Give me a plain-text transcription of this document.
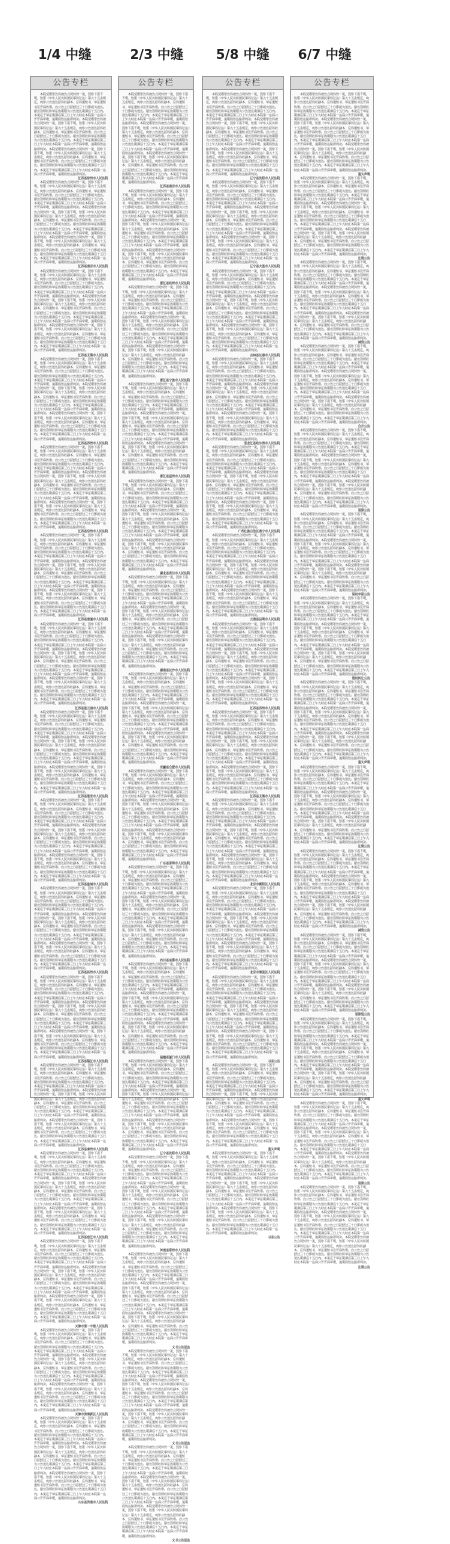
1/4 中缝	2/3 中缝	5/8 中缝 6/7 中缝
公告专栏

本院受理原告诉被告合同纠纷一案，因你下落不明，依照《中华人民共和国民事诉讼法》第九十五条规定，向你公告送达起诉状副本、应诉通知书、举证通知书及开庭传票。自公告之日起经过三十日即视为送达。提出答辩状和举证的期限为公告送达期满后十五日内。本案定于举证期满后第三日上午九时在本院第一法庭公开开庭审理，逾期将依法缺席判决。本院受理原告诉被告合同纠纷一案，因你下落不明，依照《中华人民共和国民事诉讼法》第九十五条规定，向你公告送达起诉状副本、应诉通知书、举证通知书及开庭传票。自公告之日起经过三十日即视为送达。提出答辩状和举证的期限为公告送达期满后十五日内。本案定于举证期满后第三日上午九时在本院第一法庭公开开庭审理，逾期将依法缺席判决。本院受理原告诉被告合同纠纷一案，因你下落不明，依照《中华人民共和国民事诉讼法》第九十五条规定，向你公告送达起诉状副本、应诉通知书、举证通知书及开庭传票。自公告之日起经过三十日即视为送达。提出答辩状和举证的期限为公告送达期满后十五日内。本案定于举证期满后第三日上午九时在本院第一法庭公开开庭审理，逾期将依法缺席判决。

江苏省徐州市人民法院

本院受理原告诉被告合同纠纷一案，因你下落不明，依照《中华人民共和国民事诉讼法》第九十五条规定，向你公告送达起诉状副本、应诉通知书、举证通知书及开庭传票。自公告之日起经过三十日即视为送达。提出答辩状和举证的期限为公告送达期满后十五日内。本案定于举证期满后第三日上午九时在本院第一法庭公开开庭审理，逾期将依法缺席判决。本院受理原告诉被告合同纠纷一案，因你下落不明，依照《中华人民共和国民事诉讼法》第九十五条规定，向你公告送达起诉状副本、应诉通知书、举证通知书及开庭传票。自公告之日起经过三十日即视为送达。提出答辩状和举证的期限为公告送达期满后十五日内。本案定于举证期满后第三日上午九时在本院第一法庭公开开庭审理，逾期将依法缺席判决。本院受理原告诉被告合同纠纷一案，因你下落不明，依照《中华人民共和国民事诉讼法》第九十五条规定，向你公告送达起诉状副本、应诉通知书、举证通知书及开庭传票。自公告之日起经过三十日即视为送达。提出答辩状和举证的期限为公告送达期满后十五日内。本案定于举证期满后第三日上午九时在本院第一法庭公开开庭审理，逾期将依法缺席判决。

江苏省南京市人民法院

本院受理原告诉被告合同纠纷一案，因你下落不明，依照《中华人民共和国民事诉讼法》第九十五条规定，向你公告送达起诉状副本、应诉通知书、举证通知书及开庭传票。自公告之日起经过三十日即视为送达。提出答辩状和举证的期限为公告送达期满后十五日内。本案定于举证期满后第三日上午九时在本院第一法庭公开开庭审理，逾期将依法缺席判决。本院受理原告诉被告合同纠纷一案，因你下落不明，依照《中华人民共和国民事诉讼法》第九十五条规定，向你公告送达起诉状副本、应诉通知书、举证通知书及开庭传票。自公告之日起经过三十日即视为送达。提出答辩状和举证的期限为公告送达期满后十五日内。本案定于举证期满后第三日上午九时在本院第一法庭公开开庭审理，逾期将依法缺席判决。本院受理原告诉被告合同纠纷一案，因你下落不明，依照《中华人民共和国民事诉讼法》第九十五条规定，向你公告送达起诉状副本、应诉通知书、举证通知书及开庭传票。自公告之日起经过三十日即视为送达。提出答辩状和举证的期限为公告送达期满后十五日内。本案定于举证期满后第三日上午九时在本院第一法庭公开开庭审理，逾期将依法缺席判决。

江苏省无锡市人民法院

本院受理原告诉被告合同纠纷一案，因你下落不明，依照《中华人民共和国民事诉讼法》第九十五条规定，向你公告送达起诉状副本、应诉通知书、举证通知书及开庭传票。自公告之日起经过三十日即视为送达。提出答辩状和举证的期限为公告送达期满后十五日内。本案定于举证期满后第三日上午九时在本院第一法庭公开开庭审理，逾期将依法缺席判决。本院受理原告诉被告合同纠纷一案，因你下落不明，依照《中华人民共和国民事诉讼法》第九十五条规定，向你公告送达起诉状副本、应诉通知书、举证通知书及开庭传票。自公告之日起经过三十日即视为送达。提出答辩状和举证的期限为公告送达期满后十五日内。本案定于举证期满后第三日上午九时在本院第一法庭公开开庭审理，逾期将依法缺席判决。本院受理原告诉被告合同纠纷一案，因你下落不明，依照《中华人民共和国民事诉讼法》第九十五条规定，向你公告送达起诉状副本、应诉通知书、举证通知书及开庭传票。自公告之日起经过三十日即视为送达。提出答辩状和举证的期限为公告送达期满后十五日内。本案定于举证期满后第三日上午九时在本院第一法庭公开开庭审理，逾期将依法缺席判决。

江苏省苏州市人民法院

本院受理原告诉被告合同纠纷一案，因你下落不明，依照《中华人民共和国民事诉讼法》第九十五条规定，向你公告送达起诉状副本、应诉通知书、举证通知书及开庭传票。自公告之日起经过三十日即视为送达。提出答辩状和举证的期限为公告送达期满后十五日内。本案定于举证期满后第三日上午九时在本院第一法庭公开开庭审理，逾期将依法缺席判决。本院受理原告诉被告合同纠纷一案，因你下落不明，依照《中华人民共和国民事诉讼法》第九十五条规定，向你公告送达起诉状副本、应诉通知书、举证通知书及开庭传票。自公告之日起经过三十日即视为送达。提出答辩状和举证的期限为公告送达期满后十五日内。本案定于举证期满后第三日上午九时在本院第一法庭公开开庭审理，逾期将依法缺席判决。本院受理原告诉被告合同纠纷一案，因你下落不明，依照《中华人民共和国民事诉讼法》第九十五条规定，向你公告送达起诉状副本、应诉通知书、举证通知书及开庭传票。自公告之日起经过三十日即视为送达。提出答辩状和举证的期限为公告送达期满后十五日内。本案定于举证期满后第三日上午九时在本院第一法庭公开开庭审理，逾期将依法缺席判决。

江苏省常州市人民法院

本院受理原告诉被告合同纠纷一案，因你下落不明，依照《中华人民共和国民事诉讼法》第九十五条规定，向你公告送达起诉状副本、应诉通知书、举证通知书及开庭传票。自公告之日起经过三十日即视为送达。提出答辩状和举证的期限为公告送达期满后十五日内。本案定于举证期满后第三日上午九时在本院第一法庭公开开庭审理，逾期将依法缺席判决。本院受理原告诉被告合同纠纷一案，因你下落不明，依照《中华人民共和国民事诉讼法》第九十五条规定，向你公告送达起诉状副本、应诉通知书、举证通知书及开庭传票。自公告之日起经过三十日即视为送达。提出答辩状和举证的期限为公告送达期满后十五日内。本案定于举证期满后第三日上午九时在本院第一法庭公开开庭审理，逾期将依法缺席判决。本院受理原告诉被告合同纠纷一案，因你下落不明，依照《中华人民共和国民事诉讼法》第九十五条规定，向你公告送达起诉状副本、应诉通知书、举证通知书及开庭传票。自公告之日起经过三十日即视为送达。提出答辩状和举证的期限为公告送达期满后十五日内。本案定于举证期满后第三日上午九时在本院第一法庭公开开庭审理，逾期将依法缺席判决。

江苏省南通市人民法院

本院受理原告诉被告合同纠纷一案，因你下落不明，依照《中华人民共和国民事诉讼法》第九十五条规定，向你公告送达起诉状副本、应诉通知书、举证通知书及开庭传票。自公告之日起经过三十日即视为送达。提出答辩状和举证的期限为公告送达期满后十五日内。本案定于举证期满后第三日上午九时在本院第一法庭公开开庭审理，逾期将依法缺席判决。本院受理原告诉被告合同纠纷一案，因你下落不明，依照《中华人民共和国民事诉讼法》第九十五条规定，向你公告送达起诉状副本、应诉通知书、举证通知书及开庭传票。自公告之日起经过三十日即视为送达。提出答辩状和举证的期限为公告送达期满后十五日内。本案定于举证期满后第三日上午九时在本院第一法庭公开开庭审理，逾期将依法缺席判决。本院受理原告诉被告合同纠纷一案，因你下落不明，依照《中华人民共和国民事诉讼法》第九十五条规定，向你公告送达起诉状副本、应诉通知书、举证通知书及开庭传票。自公告之日起经过三十日即视为送达。提出答辩状和举证的期限为公告送达期满后十五日内。本案定于举证期满后第三日上午九时在本院第一法庭公开开庭审理，逾期将依法缺席判决。

江苏省连云港市人民法院

本院受理原告诉被告合同纠纷一案，因你下落不明，依照《中华人民共和国民事诉讼法》第九十五条规定，向你公告送达起诉状副本、应诉通知书、举证通知书及开庭传票。自公告之日起经过三十日即视为送达。提出答辩状和举证的期限为公告送达期满后十五日内。本案定于举证期满后第三日上午九时在本院第一法庭公开开庭审理，逾期将依法缺席判决。本院受理原告诉被告合同纠纷一案，因你下落不明，依照《中华人民共和国民事诉讼法》第九十五条规定，向你公告送达起诉状副本、应诉通知书、举证通知书及开庭传票。自公告之日起经过三十日即视为送达。提出答辩状和举证的期限为公告送达期满后十五日内。本案定于举证期满后第三日上午九时在本院第一法庭公开开庭审理，逾期将依法缺席判决。本院受理原告诉被告合同纠纷一案，因你下落不明，依照《中华人民共和国民事诉讼法》第九十五条规定，向你公告送达起诉状副本、应诉通知书、举证通知书及开庭传票。自公告之日起经过三十日即视为送达。提出答辩状和举证的期限为公告送达期满后十五日内。本案定于举证期满后第三日上午九时在本院第一法庭公开开庭审理，逾期将依法缺席判决。

江苏省淮安市人民法院

本院受理原告诉被告合同纠纷一案，因你下落不明，依照《中华人民共和国民事诉讼法》第九十五条规定，向你公告送达起诉状副本、应诉通知书、举证通知书及开庭传票。自公告之日起经过三十日即视为送达。提出答辩状和举证的期限为公告送达期满后十五日内。本案定于举证期满后第三日上午九时在本院第一法庭公开开庭审理，逾期将依法缺席判决。本院受理原告诉被告合同纠纷一案，因你下落不明，依照《中华人民共和国民事诉讼法》第九十五条规定，向你公告送达起诉状副本、应诉通知书、举证通知书及开庭传票。自公告之日起经过三十日即视为送达。提出答辩状和举证的期限为公告送达期满后十五日内。本案定于举证期满后第三日上午九时在本院第一法庭公开开庭审理，逾期将依法缺席判决。本院受理原告诉被告合同纠纷一案，因你下落不明，依照《中华人民共和国民事诉讼法》第九十五条规定，向你公告送达起诉状副本、应诉通知书、举证通知书及开庭传票。自公告之日起经过三十日即视为送达。提出答辩状和举证的期限为公告送达期满后十五日内。本案定于举证期满后第三日上午九时在本院第一法庭公开开庭审理，逾期将依法缺席判决。

江苏省盐城市人民法院

本院受理原告诉被告合同纠纷一案，因你下落不明，依照《中华人民共和国民事诉讼法》第九十五条规定，向你公告送达起诉状副本、应诉通知书、举证通知书及开庭传票。自公告之日起经过三十日即视为送达。提出答辩状和举证的期限为公告送达期满后十五日内。本案定于举证期满后第三日上午九时在本院第一法庭公开开庭审理，逾期将依法缺席判决。本院受理原告诉被告合同纠纷一案，因你下落不明，依照《中华人民共和国民事诉讼法》第九十五条规定，向你公告送达起诉状副本、应诉通知书、举证通知书及开庭传票。自公告之日起经过三十日即视为送达。提出答辩状和举证的期限为公告送达期满后十五日内。本案定于举证期满后第三日上午九时在本院第一法庭公开开庭审理，逾期将依法缺席判决。本院受理原告诉被告合同纠纷一案，因你下落不明，依照《中华人民共和国民事诉讼法》第九十五条规定，向你公告送达起诉状副本、应诉通知书、举证通知书及开庭传票。自公告之日起经过三十日即视为送达。提出答辩状和举证的期限为公告送达期满后十五日内。本案定于举证期满后第三日上午九时在本院第一法庭公开开庭审理，逾期将依法缺席判决。

江苏省扬州市人民法院

本院受理原告诉被告合同纠纷一案，因你下落不明，依照《中华人民共和国民事诉讼法》第九十五条规定，向你公告送达起诉状副本、应诉通知书、举证通知书及开庭传票。自公告之日起经过三十日即视为送达。提出答辩状和举证的期限为公告送达期满后十五日内。本案定于举证期满后第三日上午九时在本院第一法庭公开开庭审理，逾期将依法缺席判决。本院受理原告诉被告合同纠纷一案，因你下落不明，依照《中华人民共和国民事诉讼法》第九十五条规定，向你公告送达起诉状副本、应诉通知书、举证通知书及开庭传票。自公告之日起经过三十日即视为送达。提出答辩状和举证的期限为公告送达期满后十五日内。本案定于举证期满后第三日上午九时在本院第一法庭公开开庭审理，逾期将依法缺席判决。本院受理原告诉被告合同纠纷一案，因你下落不明，依照《中华人民共和国民事诉讼法》第九十五条规定，向你公告送达起诉状副本、应诉通知书、举证通知书及开庭传票。自公告之日起经过三十日即视为送达。提出答辩状和举证的期限为公告送达期满后十五日内。本案定于举证期满后第三日上午九时在本院第一法庭公开开庭审理，逾期将依法缺席判决。

江苏省镇江市人民法院

本院受理原告诉被告合同纠纷一案，因你下落不明，依照《中华人民共和国民事诉讼法》第九十五条规定，向你公告送达起诉状副本、应诉通知书、举证通知书及开庭传票。自公告之日起经过三十日即视为送达。提出答辩状和举证的期限为公告送达期满后十五日内。本案定于举证期满后第三日上午九时在本院第一法庭公开开庭审理，逾期将依法缺席判决。本院受理原告诉被告合同纠纷一案，因你下落不明，依照《中华人民共和国民事诉讼法》第九十五条规定，向你公告送达起诉状副本、应诉通知书、举证通知书及开庭传票。自公告之日起经过三十日即视为送达。提出答辩状和举证的期限为公告送达期满后十五日内。本案定于举证期满后第三日上午九时在本院第一法庭公开开庭审理，逾期将依法缺席判决。本院受理原告诉被告合同纠纷一案，因你下落不明，依照《中华人民共和国民事诉讼法》第九十五条规定，向你公告送达起诉状副本、应诉通知书、举证通知书及开庭传票。自公告之日起经过三十日即视为送达。提出答辩状和举证的期限为公告送达期满后十五日内。本案定于举证期满后第三日上午九时在本院第一法庭公开开庭审理，逾期将依法缺席判决。

江苏省泰州市人民法院

本院受理原告诉被告合同纠纷一案，因你下落不明，依照《中华人民共和国民事诉讼法》第九十五条规定，向你公告送达起诉状副本、应诉通知书、举证通知书及开庭传票。自公告之日起经过三十日即视为送达。提出答辩状和举证的期限为公告送达期满后十五日内。本案定于举证期满后第三日上午九时在本院第一法庭公开开庭审理，逾期将依法缺席判决。本院受理原告诉被告合同纠纷一案，因你下落不明，依照《中华人民共和国民事诉讼法》第九十五条规定，向你公告送达起诉状副本、应诉通知书、举证通知书及开庭传票。自公告之日起经过三十日即视为送达。提出答辩状和举证的期限为公告送达期满后十五日内。本案定于举证期满后第三日上午九时在本院第一法庭公开开庭审理，逾期将依法缺席判决。本院受理原告诉被告合同纠纷一案，因你下落不明，依照《中华人民共和国民事诉讼法》第九十五条规定，向你公告送达起诉状副本、应诉通知书、举证通知书及开庭传票。自公告之日起经过三十日即视为送达。提出答辩状和举证的期限为公告送达期满后十五日内。本案定于举证期满后第三日上午九时在本院第一法庭公开开庭审理，逾期将依法缺席判决。

江苏省宿迁市人民法院

本院受理原告诉被告合同纠纷一案，因你下落不明，依照《中华人民共和国民事诉讼法》第九十五条规定，向你公告送达起诉状副本、应诉通知书、举证通知书及开庭传票。自公告之日起经过三十日即视为送达。提出答辩状和举证的期限为公告送达期满后十五日内。本案定于举证期满后第三日上午九时在本院第一法庭公开开庭审理，逾期将依法缺席判决。本院受理原告诉被告合同纠纷一案，因你下落不明，依照《中华人民共和国民事诉讼法》第九十五条规定，向你公告送达起诉状副本、应诉通知书、举证通知书及开庭传票。自公告之日起经过三十日即视为送达。提出答辩状和举证的期限为公告送达期满后十五日内。本案定于举证期满后第三日上午九时在本院第一法庭公开开庭审理，逾期将依法缺席判决。本院受理原告诉被告合同纠纷一案，因你下落不明，依照《中华人民共和国民事诉讼法》第九十五条规定，向你公告送达起诉状副本、应诉通知书、举证通知书及开庭传票。自公告之日起经过三十日即视为送达。提出答辩状和举证的期限为公告送达期满后十五日内。本案定于举证期满后第三日上午九时在本院第一法庭公开开庭审理，逾期将依法缺席判决。

天津市第一中级人民法院

本院受理原告诉被告合同纠纷一案，因你下落不明，依照《中华人民共和国民事诉讼法》第九十五条规定，向你公告送达起诉状副本、应诉通知书、举证通知书及开庭传票。自公告之日起经过三十日即视为送达。提出答辩状和举证的期限为公告送达期满后十五日内。本案定于举证期满后第三日上午九时在本院第一法庭公开开庭审理，逾期将依法缺席判决。本院受理原告诉被告合同纠纷一案，因你下落不明，依照《中华人民共和国民事诉讼法》第九十五条规定，向你公告送达起诉状副本、应诉通知书、举证通知书及开庭传票。自公告之日起经过三十日即视为送达。提出答辩状和举证的期限为公告送达期满后十五日内。本案定于举证期满后第三日上午九时在本院第一法庭公开开庭审理，逾期将依法缺席判决。本院受理原告诉被告合同纠纷一案，因你下落不明，依照《中华人民共和国民事诉讼法》第九十五条规定，向你公告送达起诉状副本、应诉通知书、举证通知书及开庭传票。自公告之日起经过三十日即视为送达。提出答辩状和举证的期限为公告送达期满后十五日内。本案定于举证期满后第三日上午九时在本院第一法庭公开开庭审理，逾期将依法缺席判决。

天津市滨海新区人民法院

本院受理原告诉被告合同纠纷一案，因你下落不明，依照《中华人民共和国民事诉讼法》第九十五条规定，向你公告送达起诉状副本、应诉通知书、举证通知书及开庭传票。自公告之日起经过三十日即视为送达。提出答辩状和举证的期限为公告送达期满后十五日内。本案定于举证期满后第三日上午九时在本院第一法庭公开开庭审理，逾期将依法缺席判决。本院受理原告诉被告合同纠纷一案，因你下落不明，依照《中华人民共和国民事诉讼法》第九十五条规定，向你公告送达起诉状副本、应诉通知书、举证通知书及开庭传票。自公告之日起经过三十日即视为送达。提出答辩状和举证的期限为公告送达期满后十五日内。本案定于举证期满后第三日上午九时在本院第一法庭公开开庭审理，逾期将依法缺席判决。本院受理原告诉被告合同纠纷一案，因你下落不明，依照《中华人民共和国民事诉讼法》第九十五条规定，向你公告送达起诉状副本、应诉通知书、举证通知书及开庭传票。自公告之日起经过三十日即视为送达。提出答辩状和举证的期限为公告送达期满后十五日内。本案定于举证期满后第三日上午九时在本院第一法庭公开开庭审理，逾期将依法缺席判决。

山东省济南市人民法院

公告专栏

本院受理原告诉被告合同纠纷一案，因你下落不明，依照《中华人民共和国民事诉讼法》第九十五条规定，向你公告送达起诉状副本、应诉通知书、举证通知书及开庭传票。自公告之日起经过三十日即视为送达。提出答辩状和举证的期限为公告送达期满后十五日内。本案定于举证期满后第三日上午九时在本院第一法庭公开开庭审理，逾期将依法缺席判决。本院受理原告诉被告合同纠纷一案，因你下落不明，依照《中华人民共和国民事诉讼法》第九十五条规定，向你公告送达起诉状副本、应诉通知书、举证通知书及开庭传票。自公告之日起经过三十日即视为送达。提出答辩状和举证的期限为公告送达期满后十五日内。本案定于举证期满后第三日上午九时在本院第一法庭公开开庭审理，逾期将依法缺席判决。本院受理原告诉被告合同纠纷一案，因你下落不明，依照《中华人民共和国民事诉讼法》第九十五条规定，向你公告送达起诉状副本、应诉通知书、举证通知书及开庭传票。自公告之日起经过三十日即视为送达。提出答辩状和举证的期限为公告送达期满后十五日内。本案定于举证期满后第三日上午九时在本院第一法庭公开开庭审理，逾期将依法缺席判决。

江苏省南京市人民法院

本院受理原告诉被告合同纠纷一案，因你下落不明，依照《中华人民共和国民事诉讼法》第九十五条规定，向你公告送达起诉状副本、应诉通知书、举证通知书及开庭传票。自公告之日起经过三十日即视为送达。提出答辩状和举证的期限为公告送达期满后十五日内。本案定于举证期满后第三日上午九时在本院第一法庭公开开庭审理，逾期将依法缺席判决。本院受理原告诉被告合同纠纷一案，因你下落不明，依照《中华人民共和国民事诉讼法》第九十五条规定，向你公告送达起诉状副本、应诉通知书、举证通知书及开庭传票。自公告之日起经过三十日即视为送达。提出答辩状和举证的期限为公告送达期满后十五日内。本案定于举证期满后第三日上午九时在本院第一法庭公开开庭审理，逾期将依法缺席判决。本院受理原告诉被告合同纠纷一案，因你下落不明，依照《中华人民共和国民事诉讼法》第九十五条规定，向你公告送达起诉状副本、应诉通知书、举证通知书及开庭传票。自公告之日起经过三十日即视为送达。提出答辩状和举证的期限为公告送达期满后十五日内。本案定于举证期满后第三日上午九时在本院第一法庭公开开庭审理，逾期将依法缺席判决。

浙江省杭州市人民法院

本院受理原告诉被告合同纠纷一案，因你下落不明，依照《中华人民共和国民事诉讼法》第九十五条规定，向你公告送达起诉状副本、应诉通知书、举证通知书及开庭传票。自公告之日起经过三十日即视为送达。提出答辩状和举证的期限为公告送达期满后十五日内。本案定于举证期满后第三日上午九时在本院第一法庭公开开庭审理，逾期将依法缺席判决。本院受理原告诉被告合同纠纷一案，因你下落不明，依照《中华人民共和国民事诉讼法》第九十五条规定，向你公告送达起诉状副本、应诉通知书、举证通知书及开庭传票。自公告之日起经过三十日即视为送达。提出答辩状和举证的期限为公告送达期满后十五日内。本案定于举证期满后第三日上午九时在本院第一法庭公开开庭审理，逾期将依法缺席判决。本院受理原告诉被告合同纠纷一案，因你下落不明，依照《中华人民共和国民事诉讼法》第九十五条规定，向你公告送达起诉状副本、应诉通知书、举证通知书及开庭传票。自公告之日起经过三十日即视为送达。提出答辩状和举证的期限为公告送达期满后十五日内。本案定于举证期满后第三日上午九时在本院第一法庭公开开庭审理，逾期将依法缺席判决。

浙江省宁波市人民法院

本院受理原告诉被告合同纠纷一案，因你下落不明，依照《中华人民共和国民事诉讼法》第九十五条规定，向你公告送达起诉状副本、应诉通知书、举证通知书及开庭传票。自公告之日起经过三十日即视为送达。提出答辩状和举证的期限为公告送达期满后十五日内。本案定于举证期满后第三日上午九时在本院第一法庭公开开庭审理，逾期将依法缺席判决。本院受理原告诉被告合同纠纷一案，因你下落不明，依照《中华人民共和国民事诉讼法》第九十五条规定，向你公告送达起诉状副本、应诉通知书、举证通知书及开庭传票。自公告之日起经过三十日即视为送达。提出答辩状和举证的期限为公告送达期满后十五日内。本案定于举证期满后第三日上午九时在本院第一法庭公开开庭审理，逾期将依法缺席判决。本院受理原告诉被告合同纠纷一案，因你下落不明，依照《中华人民共和国民事诉讼法》第九十五条规定，向你公告送达起诉状副本、应诉通知书、举证通知书及开庭传票。自公告之日起经过三十日即视为送达。提出答辩状和举证的期限为公告送达期满后十五日内。本案定于举证期满后第三日上午九时在本院第一法庭公开开庭审理，逾期将依法缺席判决。

浙江省温州市人民法院

本院受理原告诉被告合同纠纷一案，因你下落不明，依照《中华人民共和国民事诉讼法》第九十五条规定，向你公告送达起诉状副本、应诉通知书、举证通知书及开庭传票。自公告之日起经过三十日即视为送达。提出答辩状和举证的期限为公告送达期满后十五日内。本案定于举证期满后第三日上午九时在本院第一法庭公开开庭审理，逾期将依法缺席判决。本院受理原告诉被告合同纠纷一案，因你下落不明，依照《中华人民共和国民事诉讼法》第九十五条规定，向你公告送达起诉状副本、应诉通知书、举证通知书及开庭传票。自公告之日起经过三十日即视为送达。提出答辩状和举证的期限为公告送达期满后十五日内。本案定于举证期满后第三日上午九时在本院第一法庭公开开庭审理，逾期将依法缺席判决。本院受理原告诉被告合同纠纷一案，因你下落不明，依照《中华人民共和国民事诉讼法》第九十五条规定，向你公告送达起诉状副本、应诉通知书、举证通知书及开庭传票。自公告之日起经过三十日即视为送达。提出答辩状和举证的期限为公告送达期满后十五日内。本案定于举证期满后第三日上午九时在本院第一法庭公开开庭审理，逾期将依法缺席判决。

湖北省武汉市人民法院

本院受理原告诉被告合同纠纷一案，因你下落不明，依照《中华人民共和国民事诉讼法》第九十五条规定，向你公告送达起诉状副本、应诉通知书、举证通知书及开庭传票。自公告之日起经过三十日即视为送达。提出答辩状和举证的期限为公告送达期满后十五日内。本案定于举证期满后第三日上午九时在本院第一法庭公开开庭审理，逾期将依法缺席判决。本院受理原告诉被告合同纠纷一案，因你下落不明，依照《中华人民共和国民事诉讼法》第九十五条规定，向你公告送达起诉状副本、应诉通知书、举证通知书及开庭传票。自公告之日起经过三十日即视为送达。提出答辩状和举证的期限为公告送达期满后十五日内。本案定于举证期满后第三日上午九时在本院第一法庭公开开庭审理，逾期将依法缺席判决。本院受理原告诉被告合同纠纷一案，因你下落不明，依照《中华人民共和国民事诉讼法》第九十五条规定，向你公告送达起诉状副本、应诉通知书、举证通知书及开庭传票。自公告之日起经过三十日即视为送达。提出答辩状和举证的期限为公告送达期满后十五日内。本案定于举证期满后第三日上午九时在本院第一法庭公开开庭审理，逾期将依法缺席判决。

湖南省长沙市人民法院

本院受理原告诉被告合同纠纷一案，因你下落不明，依照《中华人民共和国民事诉讼法》第九十五条规定，向你公告送达起诉状副本、应诉通知书、举证通知书及开庭传票。自公告之日起经过三十日即视为送达。提出答辩状和举证的期限为公告送达期满后十五日内。本案定于举证期满后第三日上午九时在本院第一法庭公开开庭审理，逾期将依法缺席判决。本院受理原告诉被告合同纠纷一案，因你下落不明，依照《中华人民共和国民事诉讼法》第九十五条规定，向你公告送达起诉状副本、应诉通知书、举证通知书及开庭传票。自公告之日起经过三十日即视为送达。提出答辩状和举证的期限为公告送达期满后十五日内。本案定于举证期满后第三日上午九时在本院第一法庭公开开庭审理，逾期将依法缺席判决。本院受理原告诉被告合同纠纷一案，因你下落不明，依照《中华人民共和国民事诉讼法》第九十五条规定，向你公告送达起诉状副本、应诉通知书、举证通知书及开庭传票。自公告之日起经过三十日即视为送达。提出答辩状和举证的期限为公告送达期满后十五日内。本案定于举证期满后第三日上午九时在本院第一法庭公开开庭审理，逾期将依法缺席判决。

安徽省合肥市人民法院

本院受理原告诉被告合同纠纷一案，因你下落不明，依照《中华人民共和国民事诉讼法》第九十五条规定，向你公告送达起诉状副本、应诉通知书、举证通知书及开庭传票。自公告之日起经过三十日即视为送达。提出答辩状和举证的期限为公告送达期满后十五日内。本案定于举证期满后第三日上午九时在本院第一法庭公开开庭审理，逾期将依法缺席判决。本院受理原告诉被告合同纠纷一案，因你下落不明，依照《中华人民共和国民事诉讼法》第九十五条规定，向你公告送达起诉状副本、应诉通知书、举证通知书及开庭传票。自公告之日起经过三十日即视为送达。提出答辩状和举证的期限为公告送达期满后十五日内。本案定于举证期满后第三日上午九时在本院第一法庭公开开庭审理，逾期将依法缺席判决。本院受理原告诉被告合同纠纷一案，因你下落不明，依照《中华人民共和国民事诉讼法》第九十五条规定，向你公告送达起诉状副本、应诉通知书、举证通知书及开庭传票。自公告之日起经过三十日即视为送达。提出答辩状和举证的期限为公告送达期满后十五日内。本案定于举证期满后第三日上午九时在本院第一法庭公开开庭审理，逾期将依法缺席判决。

广东省深圳市人民法院

本院受理原告诉被告合同纠纷一案，因你下落不明，依照《中华人民共和国民事诉讼法》第九十五条规定，向你公告送达起诉状副本、应诉通知书、举证通知书及开庭传票。自公告之日起经过三十日即视为送达。提出答辩状和举证的期限为公告送达期满后十五日内。本案定于举证期满后第三日上午九时在本院第一法庭公开开庭审理，逾期将依法缺席判决。本院受理原告诉被告合同纠纷一案，因你下落不明，依照《中华人民共和国民事诉讼法》第九十五条规定，向你公告送达起诉状副本、应诉通知书、举证通知书及开庭传票。自公告之日起经过三十日即视为送达。提出答辩状和举证的期限为公告送达期满后十五日内。本案定于举证期满后第三日上午九时在本院第一法庭公开开庭审理，逾期将依法缺席判决。本院受理原告诉被告合同纠纷一案，因你下落不明，依照《中华人民共和国民事诉讼法》第九十五条规定，向你公告送达起诉状副本、应诉通知书、举证通知书及开庭传票。自公告之日起经过三十日即视为送达。提出答辩状和举证的期限为公告送达期满后十五日内。本案定于举证期满后第三日上午九时在本院第一法庭公开开庭审理，逾期将依法缺席判决。

四川省成都市人民法院

本院受理原告诉被告合同纠纷一案，因你下落不明，依照《中华人民共和国民事诉讼法》第九十五条规定，向你公告送达起诉状副本、应诉通知书、举证通知书及开庭传票。自公告之日起经过三十日即视为送达。提出答辩状和举证的期限为公告送达期满后十五日内。本案定于举证期满后第三日上午九时在本院第一法庭公开开庭审理，逾期将依法缺席判决。本院受理原告诉被告合同纠纷一案，因你下落不明，依照《中华人民共和国民事诉讼法》第九十五条规定，向你公告送达起诉状副本、应诉通知书、举证通知书及开庭传票。自公告之日起经过三十日即视为送达。提出答辩状和举证的期限为公告送达期满后十五日内。本案定于举证期满后第三日上午九时在本院第一法庭公开开庭审理，逾期将依法缺席判决。本院受理原告诉被告合同纠纷一案，因你下落不明，依照《中华人民共和国民事诉讼法》第九十五条规定，向你公告送达起诉状副本、应诉通知书、举证通知书及开庭传票。自公告之日起经过三十日即视为送达。提出答辩状和举证的期限为公告送达期满后十五日内。本案定于举证期满后第三日上午九时在本院第一法庭公开开庭审理，逾期将依法缺席判决。

福建省厦门市人民法院

本院受理原告诉被告合同纠纷一案，因你下落不明，依照《中华人民共和国民事诉讼法》第九十五条规定，向你公告送达起诉状副本、应诉通知书、举证通知书及开庭传票。自公告之日起经过三十日即视为送达。提出答辩状和举证的期限为公告送达期满后十五日内。本案定于举证期满后第三日上午九时在本院第一法庭公开开庭审理，逾期将依法缺席判决。本院受理原告诉被告合同纠纷一案，因你下落不明，依照《中华人民共和国民事诉讼法》第九十五条规定，向你公告送达起诉状副本、应诉通知书、举证通知书及开庭传票。自公告之日起经过三十日即视为送达。提出答辩状和举证的期限为公告送达期满后十五日内。本案定于举证期满后第三日上午九时在本院第一法庭公开开庭审理，逾期将依法缺席判决。本院受理原告诉被告合同纠纷一案，因你下落不明，依照《中华人民共和国民事诉讼法》第九十五条规定，向你公告送达起诉状副本、应诉通知书、举证通知书及开庭传票。自公告之日起经过三十日即视为送达。提出答辩状和举证的期限为公告送达期满后十五日内。本案定于举证期满后第三日上午九时在本院第一法庭公开开庭审理，逾期将依法缺席判决。

辽宁省沈阳市人民法院

本院受理原告诉被告合同纠纷一案，因你下落不明，依照《中华人民共和国民事诉讼法》第九十五条规定，向你公告送达起诉状副本、应诉通知书、举证通知书及开庭传票。自公告之日起经过三十日即视为送达。提出答辩状和举证的期限为公告送达期满后十五日内。本案定于举证期满后第三日上午九时在本院第一法庭公开开庭审理，逾期将依法缺席判决。本院受理原告诉被告合同纠纷一案，因你下落不明，依照《中华人民共和国民事诉讼法》第九十五条规定，向你公告送达起诉状副本、应诉通知书、举证通知书及开庭传票。自公告之日起经过三十日即视为送达。提出答辩状和举证的期限为公告送达期满后十五日内。本案定于举证期满后第三日上午九时在本院第一法庭公开开庭审理，逾期将依法缺席判决。本院受理原告诉被告合同纠纷一案，因你下落不明，依照《中华人民共和国民事诉讼法》第九十五条规定，向你公告送达起诉状副本、应诉通知书、举证通知书及开庭传票。自公告之日起经过三十日即视为送达。提出答辩状和举证的期限为公告送达期满后十五日内。本案定于举证期满后第三日上午九时在本院第一法庭公开开庭审理，逾期将依法缺席判决。

河南省郑州市人民法院

本院受理原告诉被告合同纠纷一案，因你下落不明，依照《中华人民共和国民事诉讼法》第九十五条规定，向你公告送达起诉状副本、应诉通知书、举证通知书及开庭传票。自公告之日起经过三十日即视为送达。提出答辩状和举证的期限为公告送达期满后十五日内。本案定于举证期满后第三日上午九时在本院第一法庭公开开庭审理，逾期将依法缺席判决。本院受理原告诉被告合同纠纷一案，因你下落不明，依照《中华人民共和国民事诉讼法》第九十五条规定，向你公告送达起诉状副本、应诉通知书、举证通知书及开庭传票。自公告之日起经过三十日即视为送达。提出答辩状和举证的期限为公告送达期满后十五日内。本案定于举证期满后第三日上午九时在本院第一法庭公开开庭审理，逾期将依法缺席判决。本院受理原告诉被告合同纠纷一案，因你下落不明，依照《中华人民共和国民事诉讼法》第九十五条规定，向你公告送达起诉状副本、应诉通知书、举证通知书及开庭传票。自公告之日起经过三十日即视为送达。提出答辩状和举证的期限为公告送达期满后十五日内。本案定于举证期满后第三日上午九时在本院第一法庭公开开庭审理，逾期将依法缺席判决。

文书公告送达

本院受理原告诉被告合同纠纷一案，因你下落不明，依照《中华人民共和国民事诉讼法》第九十五条规定，向你公告送达起诉状副本、应诉通知书、举证通知书及开庭传票。自公告之日起经过三十日即视为送达。提出答辩状和举证的期限为公告送达期满后十五日内。本案定于举证期满后第三日上午九时在本院第一法庭公开开庭审理，逾期将依法缺席判决。本院受理原告诉被告合同纠纷一案，因你下落不明，依照《中华人民共和国民事诉讼法》第九十五条规定，向你公告送达起诉状副本、应诉通知书、举证通知书及开庭传票。自公告之日起经过三十日即视为送达。提出答辩状和举证的期限为公告送达期满后十五日内。本案定于举证期满后第三日上午九时在本院第一法庭公开开庭审理，逾期将依法缺席判决。本院受理原告诉被告合同纠纷一案，因你下落不明，依照《中华人民共和国民事诉讼法》第九十五条规定，向你公告送达起诉状副本、应诉通知书、举证通知书及开庭传票。自公告之日起经过三十日即视为送达。提出答辩状和举证的期限为公告送达期满后十五日内。本案定于举证期满后第三日上午九时在本院第一法庭公开开庭审理，逾期将依法缺席判决。

文书公告送达

本院受理原告诉被告合同纠纷一案，因你下落不明，依照《中华人民共和国民事诉讼法》第九十五条规定，向你公告送达起诉状副本、应诉通知书、举证通知书及开庭传票。自公告之日起经过三十日即视为送达。提出答辩状和举证的期限为公告送达期满后十五日内。本案定于举证期满后第三日上午九时在本院第一法庭公开开庭审理，逾期将依法缺席判决。本院受理原告诉被告合同纠纷一案，因你下落不明，依照《中华人民共和国民事诉讼法》第九十五条规定，向你公告送达起诉状副本、应诉通知书、举证通知书及开庭传票。自公告之日起经过三十日即视为送达。提出答辩状和举证的期限为公告送达期满后十五日内。本案定于举证期满后第三日上午九时在本院第一法庭公开开庭审理，逾期将依法缺席判决。本院受理原告诉被告合同纠纷一案，因你下落不明，依照《中华人民共和国民事诉讼法》第九十五条规定，向你公告送达起诉状副本、应诉通知书、举证通知书及开庭传票。自公告之日起经过三十日即视为送达。提出答辩状和举证的期限为公告送达期满后十五日内。本案定于举证期满后第三日上午九时在本院第一法庭公开开庭审理，逾期将依法缺席判决。

文书公告送达

公告专栏

本院受理原告诉被告合同纠纷一案，因你下落不明，依照《中华人民共和国民事诉讼法》第九十五条规定，向你公告送达起诉状副本、应诉通知书、举证通知书及开庭传票。自公告之日起经过三十日即视为送达。提出答辩状和举证的期限为公告送达期满后十五日内。本案定于举证期满后第三日上午九时在本院第一法庭公开开庭审理，逾期将依法缺席判决。本院受理原告诉被告合同纠纷一案，因你下落不明，依照《中华人民共和国民事诉讼法》第九十五条规定，向你公告送达起诉状副本、应诉通知书、举证通知书及开庭传票。自公告之日起经过三十日即视为送达。提出答辩状和举证的期限为公告送达期满后十五日内。本案定于举证期满后第三日上午九时在本院第一法庭公开开庭审理，逾期将依法缺席判决。本院受理原告诉被告合同纠纷一案，因你下落不明，依照《中华人民共和国民事诉讼法》第九十五条规定，向你公告送达起诉状副本、应诉通知书、举证通知书及开庭传票。自公告之日起经过三十日即视为送达。提出答辩状和举证的期限为公告送达期满后十五日内。本案定于举证期满后第三日上午九时在本院第一法庭公开开庭审理，逾期将依法缺席判决。

辽宁省沈阳市人民法院

本院受理原告诉被告合同纠纷一案，因你下落不明，依照《中华人民共和国民事诉讼法》第九十五条规定，向你公告送达起诉状副本、应诉通知书、举证通知书及开庭传票。自公告之日起经过三十日即视为送达。提出答辩状和举证的期限为公告送达期满后十五日内。本案定于举证期满后第三日上午九时在本院第一法庭公开开庭审理，逾期将依法缺席判决。本院受理原告诉被告合同纠纷一案，因你下落不明，依照《中华人民共和国民事诉讼法》第九十五条规定，向你公告送达起诉状副本、应诉通知书、举证通知书及开庭传票。自公告之日起经过三十日即视为送达。提出答辩状和举证的期限为公告送达期满后十五日内。本案定于举证期满后第三日上午九时在本院第一法庭公开开庭审理，逾期将依法缺席判决。本院受理原告诉被告合同纠纷一案，因你下落不明，依照《中华人民共和国民事诉讼法》第九十五条规定，向你公告送达起诉状副本、应诉通知书、举证通知书及开庭传票。自公告之日起经过三十日即视为送达。提出答辩状和举证的期限为公告送达期满后十五日内。本案定于举证期满后第三日上午九时在本院第一法庭公开开庭审理，逾期将依法缺席判决。

辽宁省大连市人民法院

本院受理原告诉被告合同纠纷一案，因你下落不明，依照《中华人民共和国民事诉讼法》第九十五条规定，向你公告送达起诉状副本、应诉通知书、举证通知书及开庭传票。自公告之日起经过三十日即视为送达。提出答辩状和举证的期限为公告送达期满后十五日内。本案定于举证期满后第三日上午九时在本院第一法庭公开开庭审理，逾期将依法缺席判决。本院受理原告诉被告合同纠纷一案，因你下落不明，依照《中华人民共和国民事诉讼法》第九十五条规定，向你公告送达起诉状副本、应诉通知书、举证通知书及开庭传票。自公告之日起经过三十日即视为送达。提出答辩状和举证的期限为公告送达期满后十五日内。本案定于举证期满后第三日上午九时在本院第一法庭公开开庭审理，逾期将依法缺席判决。本院受理原告诉被告合同纠纷一案，因你下落不明，依照《中华人民共和国民事诉讼法》第九十五条规定，向你公告送达起诉状副本、应诉通知书、举证通知书及开庭传票。自公告之日起经过三十日即视为送达。提出答辩状和举证的期限为公告送达期满后十五日内。本案定于举证期满后第三日上午九时在本院第一法庭公开开庭审理，逾期将依法缺席判决。

吉林省长春市人民法院

本院受理原告诉被告合同纠纷一案，因你下落不明，依照《中华人民共和国民事诉讼法》第九十五条规定，向你公告送达起诉状副本、应诉通知书、举证通知书及开庭传票。自公告之日起经过三十日即视为送达。提出答辩状和举证的期限为公告送达期满后十五日内。本案定于举证期满后第三日上午九时在本院第一法庭公开开庭审理，逾期将依法缺席判决。本院受理原告诉被告合同纠纷一案，因你下落不明，依照《中华人民共和国民事诉讼法》第九十五条规定，向你公告送达起诉状副本、应诉通知书、举证通知书及开庭传票。自公告之日起经过三十日即视为送达。提出答辩状和举证的期限为公告送达期满后十五日内。本案定于举证期满后第三日上午九时在本院第一法庭公开开庭审理，逾期将依法缺席判决。本院受理原告诉被告合同纠纷一案，因你下落不明，依照《中华人民共和国民事诉讼法》第九十五条规定，向你公告送达起诉状副本、应诉通知书、举证通知书及开庭传票。自公告之日起经过三十日即视为送达。提出答辩状和举证的期限为公告送达期满后十五日内。本案定于举证期满后第三日上午九时在本院第一法庭公开开庭审理，逾期将依法缺席判决。

黑龙江省哈尔滨市人民法院

本院受理原告诉被告合同纠纷一案，因你下落不明，依照《中华人民共和国民事诉讼法》第九十五条规定，向你公告送达起诉状副本、应诉通知书、举证通知书及开庭传票。自公告之日起经过三十日即视为送达。提出答辩状和举证的期限为公告送达期满后十五日内。本案定于举证期满后第三日上午九时在本院第一法庭公开开庭审理，逾期将依法缺席判决。本院受理原告诉被告合同纠纷一案，因你下落不明，依照《中华人民共和国民事诉讼法》第九十五条规定，向你公告送达起诉状副本、应诉通知书、举证通知书及开庭传票。自公告之日起经过三十日即视为送达。提出答辩状和举证的期限为公告送达期满后十五日内。本案定于举证期满后第三日上午九时在本院第一法庭公开开庭审理，逾期将依法缺席判决。本院受理原告诉被告合同纠纷一案，因你下落不明，依照《中华人民共和国民事诉讼法》第九十五条规定，向你公告送达起诉状副本、应诉通知书、举证通知书及开庭传票。自公告之日起经过三十日即视为送达。提出答辩状和举证的期限为公告送达期满后十五日内。本案定于举证期满后第三日上午九时在本院第一法庭公开开庭审理，逾期将依法缺席判决。

广西壮族自治区南宁市人民法院

本院受理原告诉被告合同纠纷一案，因你下落不明，依照《中华人民共和国民事诉讼法》第九十五条规定，向你公告送达起诉状副本、应诉通知书、举证通知书及开庭传票。自公告之日起经过三十日即视为送达。提出答辩状和举证的期限为公告送达期满后十五日内。本案定于举证期满后第三日上午九时在本院第一法庭公开开庭审理，逾期将依法缺席判决。本院受理原告诉被告合同纠纷一案，因你下落不明，依照《中华人民共和国民事诉讼法》第九十五条规定，向你公告送达起诉状副本、应诉通知书、举证通知书及开庭传票。自公告之日起经过三十日即视为送达。提出答辩状和举证的期限为公告送达期满后十五日内。本案定于举证期满后第三日上午九时在本院第一法庭公开开庭审理，逾期将依法缺席判决。本院受理原告诉被告合同纠纷一案，因你下落不明，依照《中华人民共和国民事诉讼法》第九十五条规定，向你公告送达起诉状副本、应诉通知书、举证通知书及开庭传票。自公告之日起经过三十日即视为送达。提出答辩状和举证的期限为公告送达期满后十五日内。本案定于举证期满后第三日上午九时在本院第一法庭公开开庭审理，逾期将依法缺席判决。

云南省昆明市人民法院

本院受理原告诉被告合同纠纷一案，因你下落不明，依照《中华人民共和国民事诉讼法》第九十五条规定，向你公告送达起诉状副本、应诉通知书、举证通知书及开庭传票。自公告之日起经过三十日即视为送达。提出答辩状和举证的期限为公告送达期满后十五日内。本案定于举证期满后第三日上午九时在本院第一法庭公开开庭审理，逾期将依法缺席判决。本院受理原告诉被告合同纠纷一案，因你下落不明，依照《中华人民共和国民事诉讼法》第九十五条规定，向你公告送达起诉状副本、应诉通知书、举证通知书及开庭传票。自公告之日起经过三十日即视为送达。提出答辩状和举证的期限为公告送达期满后十五日内。本案定于举证期满后第三日上午九时在本院第一法庭公开开庭审理，逾期将依法缺席判决。本院受理原告诉被告合同纠纷一案，因你下落不明，依照《中华人民共和国民事诉讼法》第九十五条规定，向你公告送达起诉状副本、应诉通知书、举证通知书及开庭传票。自公告之日起经过三十日即视为送达。提出答辩状和举证的期限为公告送达期满后十五日内。本案定于举证期满后第三日上午九时在本院第一法庭公开开庭审理，逾期将依法缺席判决。

江苏省苏州市人民法院

本院受理原告诉被告合同纠纷一案，因你下落不明，依照《中华人民共和国民事诉讼法》第九十五条规定，向你公告送达起诉状副本、应诉通知书、举证通知书及开庭传票。自公告之日起经过三十日即视为送达。提出答辩状和举证的期限为公告送达期满后十五日内。本案定于举证期满后第三日上午九时在本院第一法庭公开开庭审理，逾期将依法缺席判决。本院受理原告诉被告合同纠纷一案，因你下落不明，依照《中华人民共和国民事诉讼法》第九十五条规定，向你公告送达起诉状副本、应诉通知书、举证通知书及开庭传票。自公告之日起经过三十日即视为送达。提出答辩状和举证的期限为公告送达期满后十五日内。本案定于举证期满后第三日上午九时在本院第一法庭公开开庭审理，逾期将依法缺席判决。本院受理原告诉被告合同纠纷一案，因你下落不明，依照《中华人民共和国民事诉讼法》第九十五条规定，向你公告送达起诉状副本、应诉通知书、举证通知书及开庭传票。自公告之日起经过三十日即视为送达。提出答辩状和举证的期限为公告送达期满后十五日内。本案定于举证期满后第三日上午九时在本院第一法庭公开开庭审理，逾期将依法缺席判决。

江苏省无锡市人民法院

本院受理原告诉被告合同纠纷一案，因你下落不明，依照《中华人民共和国民事诉讼法》第九十五条规定，向你公告送达起诉状副本、应诉通知书、举证通知书及开庭传票。自公告之日起经过三十日即视为送达。提出答辩状和举证的期限为公告送达期满后十五日内。本案定于举证期满后第三日上午九时在本院第一法庭公开开庭审理，逾期将依法缺席判决。本院受理原告诉被告合同纠纷一案，因你下落不明，依照《中华人民共和国民事诉讼法》第九十五条规定，向你公告送达起诉状副本、应诉通知书、举证通知书及开庭传票。自公告之日起经过三十日即视为送达。提出答辩状和举证的期限为公告送达期满后十五日内。本案定于举证期满后第三日上午九时在本院第一法庭公开开庭审理，逾期将依法缺席判决。本院受理原告诉被告合同纠纷一案，因你下落不明，依照《中华人民共和国民事诉讼法》第九十五条规定，向你公告送达起诉状副本、应诉通知书、举证通知书及开庭传票。自公告之日起经过三十日即视为送达。提出答辩状和举证的期限为公告送达期满后十五日内。本案定于举证期满后第三日上午九时在本院第一法庭公开开庭审理，逾期将依法缺席判决。

北京市朝阳区人民法院

本院受理原告诉被告合同纠纷一案，因你下落不明，依照《中华人民共和国民事诉讼法》第九十五条规定，向你公告送达起诉状副本、应诉通知书、举证通知书及开庭传票。自公告之日起经过三十日即视为送达。提出答辩状和举证的期限为公告送达期满后十五日内。本案定于举证期满后第三日上午九时在本院第一法庭公开开庭审理，逾期将依法缺席判决。本院受理原告诉被告合同纠纷一案，因你下落不明，依照《中华人民共和国民事诉讼法》第九十五条规定，向你公告送达起诉状副本、应诉通知书、举证通知书及开庭传票。自公告之日起经过三十日即视为送达。提出答辩状和举证的期限为公告送达期满后十五日内。本案定于举证期满后第三日上午九时在本院第一法庭公开开庭审理，逾期将依法缺席判决。本院受理原告诉被告合同纠纷一案，因你下落不明，依照《中华人民共和国民事诉讼法》第九十五条规定，向你公告送达起诉状副本、应诉通知书、举证通知书及开庭传票。自公告之日起经过三十日即视为送达。提出答辩状和举证的期限为公告送达期满后十五日内。本案定于举证期满后第三日上午九时在本院第一法庭公开开庭审理，逾期将依法缺席判决。

北京市海淀区人民法院

本院受理原告诉被告合同纠纷一案，因你下落不明，依照《中华人民共和国民事诉讼法》第九十五条规定，向你公告送达起诉状副本、应诉通知书、举证通知书及开庭传票。自公告之日起经过三十日即视为送达。提出答辩状和举证的期限为公告送达期满后十五日内。本案定于举证期满后第三日上午九时在本院第一法庭公开开庭审理，逾期将依法缺席判决。本院受理原告诉被告合同纠纷一案，因你下落不明，依照《中华人民共和国民事诉讼法》第九十五条规定，向你公告送达起诉状副本、应诉通知书、举证通知书及开庭传票。自公告之日起经过三十日即视为送达。提出答辩状和举证的期限为公告送达期满后十五日内。本案定于举证期满后第三日上午九时在本院第一法庭公开开庭审理，逾期将依法缺席判决。本院受理原告诉被告合同纠纷一案，因你下落不明，依照《中华人民共和国民事诉讼法》第九十五条规定，向你公告送达起诉状副本、应诉通知书、举证通知书及开庭传票。自公告之日起经过三十日即视为送达。提出答辩状和举证的期限为公告送达期满后十五日内。本案定于举证期满后第三日上午九时在本院第一法庭公开开庭审理，逾期将依法缺席判决。

寻亲公告

本院受理原告诉被告合同纠纷一案，因你下落不明，依照《中华人民共和国民事诉讼法》第九十五条规定，向你公告送达起诉状副本、应诉通知书、举证通知书及开庭传票。自公告之日起经过三十日即视为送达。提出答辩状和举证的期限为公告送达期满后十五日内。本案定于举证期满后第三日上午九时在本院第一法庭公开开庭审理，逾期将依法缺席判决。本院受理原告诉被告合同纠纷一案，因你下落不明，依照《中华人民共和国民事诉讼法》第九十五条规定，向你公告送达起诉状副本、应诉通知书、举证通知书及开庭传票。自公告之日起经过三十日即视为送达。提出答辩状和举证的期限为公告送达期满后十五日内。本案定于举证期满后第三日上午九时在本院第一法庭公开开庭审理，逾期将依法缺席判决。本院受理原告诉被告合同纠纷一案，因你下落不明，依照《中华人民共和国民事诉讼法》第九十五条规定，向你公告送达起诉状副本、应诉通知书、举证通知书及开庭传票。自公告之日起经过三十日即视为送达。提出答辩状和举证的期限为公告送达期满后十五日内。本案定于举证期满后第三日上午九时在本院第一法庭公开开庭审理，逾期将依法缺席判决。

遗失声明

本院受理原告诉被告合同纠纷一案，因你下落不明，依照《中华人民共和国民事诉讼法》第九十五条规定，向你公告送达起诉状副本、应诉通知书、举证通知书及开庭传票。自公告之日起经过三十日即视为送达。提出答辩状和举证的期限为公告送达期满后十五日内。本案定于举证期满后第三日上午九时在本院第一法庭公开开庭审理，逾期将依法缺席判决。本院受理原告诉被告合同纠纷一案，因你下落不明，依照《中华人民共和国民事诉讼法》第九十五条规定，向你公告送达起诉状副本、应诉通知书、举证通知书及开庭传票。自公告之日起经过三十日即视为送达。提出答辩状和举证的期限为公告送达期满后十五日内。本案定于举证期满后第三日上午九时在本院第一法庭公开开庭审理，逾期将依法缺席判决。本院受理原告诉被告合同纠纷一案，因你下落不明，依照《中华人民共和国民事诉讼法》第九十五条规定，向你公告送达起诉状副本、应诉通知书、举证通知书及开庭传票。自公告之日起经过三十日即视为送达。提出答辩状和举证的期限为公告送达期满后十五日内。本案定于举证期满后第三日上午九时在本院第一法庭公开开庭审理，逾期将依法缺席判决。

寻亲公告

公告专栏

本院受理原告诉被告合同纠纷一案，因你下落不明，依照《中华人民共和国民事诉讼法》第九十五条规定，向你公告送达起诉状副本、应诉通知书、举证通知书及开庭传票。自公告之日起经过三十日即视为送达。提出答辩状和举证的期限为公告送达期满后十五日内。本案定于举证期满后第三日上午九时在本院第一法庭公开开庭审理，逾期将依法缺席判决。本院受理原告诉被告合同纠纷一案，因你下落不明，依照《中华人民共和国民事诉讼法》第九十五条规定，向你公告送达起诉状副本、应诉通知书、举证通知书及开庭传票。自公告之日起经过三十日即视为送达。提出答辩状和举证的期限为公告送达期满后十五日内。本案定于举证期满后第三日上午九时在本院第一法庭公开开庭审理，逾期将依法缺席判决。本院受理原告诉被告合同纠纷一案，因你下落不明，依照《中华人民共和国民事诉讼法》第九十五条规定，向你公告送达起诉状副本、应诉通知书、举证通知书及开庭传票。自公告之日起经过三十日即视为送达。提出答辩状和举证的期限为公告送达期满后十五日内。本案定于举证期满后第三日上午九时在本院第一法庭公开开庭审理，逾期将依法缺席判决。

遗失声明

本院受理原告诉被告合同纠纷一案，因你下落不明，依照《中华人民共和国民事诉讼法》第九十五条规定，向你公告送达起诉状副本、应诉通知书、举证通知书及开庭传票。自公告之日起经过三十日即视为送达。提出答辩状和举证的期限为公告送达期满后十五日内。本案定于举证期满后第三日上午九时在本院第一法庭公开开庭审理，逾期将依法缺席判决。本院受理原告诉被告合同纠纷一案，因你下落不明，依照《中华人民共和国民事诉讼法》第九十五条规定，向你公告送达起诉状副本、应诉通知书、举证通知书及开庭传票。自公告之日起经过三十日即视为送达。提出答辩状和举证的期限为公告送达期满后十五日内。本案定于举证期满后第三日上午九时在本院第一法庭公开开庭审理，逾期将依法缺席判决。本院受理原告诉被告合同纠纷一案，因你下落不明，依照《中华人民共和国民事诉讼法》第九十五条规定，向你公告送达起诉状副本、应诉通知书、举证通知书及开庭传票。自公告之日起经过三十日即视为送达。提出答辩状和举证的期限为公告送达期满后十五日内。本案定于举证期满后第三日上午九时在本院第一法庭公开开庭审理，逾期将依法缺席判决。

注销公告

本院受理原告诉被告合同纠纷一案，因你下落不明，依照《中华人民共和国民事诉讼法》第九十五条规定，向你公告送达起诉状副本、应诉通知书、举证通知书及开庭传票。自公告之日起经过三十日即视为送达。提出答辩状和举证的期限为公告送达期满后十五日内。本案定于举证期满后第三日上午九时在本院第一法庭公开开庭审理，逾期将依法缺席判决。本院受理原告诉被告合同纠纷一案，因你下落不明，依照《中华人民共和国民事诉讼法》第九十五条规定，向你公告送达起诉状副本、应诉通知书、举证通知书及开庭传票。自公告之日起经过三十日即视为送达。提出答辩状和举证的期限为公告送达期满后十五日内。本案定于举证期满后第三日上午九时在本院第一法庭公开开庭审理，逾期将依法缺席判决。本院受理原告诉被告合同纠纷一案，因你下落不明，依照《中华人民共和国民事诉讼法》第九十五条规定，向你公告送达起诉状副本、应诉通知书、举证通知书及开庭传票。自公告之日起经过三十日即视为送达。提出答辩状和举证的期限为公告送达期满后十五日内。本案定于举证期满后第三日上午九时在本院第一法庭公开开庭审理，逾期将依法缺席判决。

减资公告

本院受理原告诉被告合同纠纷一案，因你下落不明，依照《中华人民共和国民事诉讼法》第九十五条规定，向你公告送达起诉状副本、应诉通知书、举证通知书及开庭传票。自公告之日起经过三十日即视为送达。提出答辩状和举证的期限为公告送达期满后十五日内。本案定于举证期满后第三日上午九时在本院第一法庭公开开庭审理，逾期将依法缺席判决。本院受理原告诉被告合同纠纷一案，因你下落不明，依照《中华人民共和国民事诉讼法》第九十五条规定，向你公告送达起诉状副本、应诉通知书、举证通知书及开庭传票。自公告之日起经过三十日即视为送达。提出答辩状和举证的期限为公告送达期满后十五日内。本案定于举证期满后第三日上午九时在本院第一法庭公开开庭审理，逾期将依法缺席判决。本院受理原告诉被告合同纠纷一案，因你下落不明，依照《中华人民共和国民事诉讼法》第九十五条规定，向你公告送达起诉状副本、应诉通知书、举证通知书及开庭传票。自公告之日起经过三十日即视为送达。提出答辩状和举证的期限为公告送达期满后十五日内。本案定于举证期满后第三日上午九时在本院第一法庭公开开庭审理，逾期将依法缺席判决。

合并公告

本院受理原告诉被告合同纠纷一案，因你下落不明，依照《中华人民共和国民事诉讼法》第九十五条规定，向你公告送达起诉状副本、应诉通知书、举证通知书及开庭传票。自公告之日起经过三十日即视为送达。提出答辩状和举证的期限为公告送达期满后十五日内。本案定于举证期满后第三日上午九时在本院第一法庭公开开庭审理，逾期将依法缺席判决。本院受理原告诉被告合同纠纷一案，因你下落不明，依照《中华人民共和国民事诉讼法》第九十五条规定，向你公告送达起诉状副本、应诉通知书、举证通知书及开庭传票。自公告之日起经过三十日即视为送达。提出答辩状和举证的期限为公告送达期满后十五日内。本案定于举证期满后第三日上午九时在本院第一法庭公开开庭审理，逾期将依法缺席判决。本院受理原告诉被告合同纠纷一案，因你下落不明，依照《中华人民共和国民事诉讼法》第九十五条规定，向你公告送达起诉状副本、应诉通知书、举证通知书及开庭传票。自公告之日起经过三十日即视为送达。提出答辩状和举证的期限为公告送达期满后十五日内。本案定于举证期满后第三日上午九时在本院第一法庭公开开庭审理，逾期将依法缺席判决。

清算公告

本院受理原告诉被告合同纠纷一案，因你下落不明，依照《中华人民共和国民事诉讼法》第九十五条规定，向你公告送达起诉状副本、应诉通知书、举证通知书及开庭传票。自公告之日起经过三十日即视为送达。提出答辩状和举证的期限为公告送达期满后十五日内。本案定于举证期满后第三日上午九时在本院第一法庭公开开庭审理，逾期将依法缺席判决。本院受理原告诉被告合同纠纷一案，因你下落不明，依照《中华人民共和国民事诉讼法》第九十五条规定，向你公告送达起诉状副本、应诉通知书、举证通知书及开庭传票。自公告之日起经过三十日即视为送达。提出答辩状和举证的期限为公告送达期满后十五日内。本案定于举证期满后第三日上午九时在本院第一法庭公开开庭审理，逾期将依法缺席判决。本院受理原告诉被告合同纠纷一案，因你下落不明，依照《中华人民共和国民事诉讼法》第九十五条规定，向你公告送达起诉状副本、应诉通知书、举证通知书及开庭传票。自公告之日起经过三十日即视为送达。提出答辩状和举证的期限为公告送达期满后十五日内。本案定于举证期满后第三日上午九时在本院第一法庭公开开庭审理，逾期将依法缺席判决。

债权申报公告

本院受理原告诉被告合同纠纷一案，因你下落不明，依照《中华人民共和国民事诉讼法》第九十五条规定，向你公告送达起诉状副本、应诉通知书、举证通知书及开庭传票。自公告之日起经过三十日即视为送达。提出答辩状和举证的期限为公告送达期满后十五日内。本案定于举证期满后第三日上午九时在本院第一法庭公开开庭审理，逾期将依法缺席判决。本院受理原告诉被告合同纠纷一案，因你下落不明，依照《中华人民共和国民事诉讼法》第九十五条规定，向你公告送达起诉状副本、应诉通知书、举证通知书及开庭传票。自公告之日起经过三十日即视为送达。提出答辩状和举证的期限为公告送达期满后十五日内。本案定于举证期满后第三日上午九时在本院第一法庭公开开庭审理，逾期将依法缺席判决。本院受理原告诉被告合同纠纷一案，因你下落不明，依照《中华人民共和国民事诉讼法》第九十五条规定，向你公告送达起诉状副本、应诉通知书、举证通知书及开庭传票。自公告之日起经过三十日即视为送达。提出答辩状和举证的期限为公告送达期满后十五日内。本案定于举证期满后第三日上午九时在本院第一法庭公开开庭审理，逾期将依法缺席判决。

股权转让公告

本院受理原告诉被告合同纠纷一案，因你下落不明，依照《中华人民共和国民事诉讼法》第九十五条规定，向你公告送达起诉状副本、应诉通知书、举证通知书及开庭传票。自公告之日起经过三十日即视为送达。提出答辩状和举证的期限为公告送达期满后十五日内。本案定于举证期满后第三日上午九时在本院第一法庭公开开庭审理，逾期将依法缺席判决。本院受理原告诉被告合同纠纷一案，因你下落不明，依照《中华人民共和国民事诉讼法》第九十五条规定，向你公告送达起诉状副本、应诉通知书、举证通知书及开庭传票。自公告之日起经过三十日即视为送达。提出答辩状和举证的期限为公告送达期满后十五日内。本案定于举证期满后第三日上午九时在本院第一法庭公开开庭审理，逾期将依法缺席判决。本院受理原告诉被告合同纠纷一案，因你下落不明，依照《中华人民共和国民事诉讼法》第九十五条规定，向你公告送达起诉状副本、应诉通知书、举证通知书及开庭传票。自公告之日起经过三十日即视为送达。提出答辩状和举证的期限为公告送达期满后十五日内。本案定于举证期满后第三日上午九时在本院第一法庭公开开庭审理，逾期将依法缺席判决。

遗失声明

本院受理原告诉被告合同纠纷一案，因你下落不明，依照《中华人民共和国民事诉讼法》第九十五条规定，向你公告送达起诉状副本、应诉通知书、举证通知书及开庭传票。自公告之日起经过三十日即视为送达。提出答辩状和举证的期限为公告送达期满后十五日内。本案定于举证期满后第三日上午九时在本院第一法庭公开开庭审理，逾期将依法缺席判决。本院受理原告诉被告合同纠纷一案，因你下落不明，依照《中华人民共和国民事诉讼法》第九十五条规定，向你公告送达起诉状副本、应诉通知书、举证通知书及开庭传票。自公告之日起经过三十日即视为送达。提出答辩状和举证的期限为公告送达期满后十五日内。本案定于举证期满后第三日上午九时在本院第一法庭公开开庭审理，逾期将依法缺席判决。本院受理原告诉被告合同纠纷一案，因你下落不明，依照《中华人民共和国民事诉讼法》第九十五条规定，向你公告送达起诉状副本、应诉通知书、举证通知书及开庭传票。自公告之日起经过三十日即视为送达。提出答辩状和举证的期限为公告送达期满后十五日内。本案定于举证期满后第三日上午九时在本院第一法庭公开开庭审理，逾期将依法缺席判决。

注销公告

本院受理原告诉被告合同纠纷一案，因你下落不明，依照《中华人民共和国民事诉讼法》第九十五条规定，向你公告送达起诉状副本、应诉通知书、举证通知书及开庭传票。自公告之日起经过三十日即视为送达。提出答辩状和举证的期限为公告送达期满后十五日内。本案定于举证期满后第三日上午九时在本院第一法庭公开开庭审理，逾期将依法缺席判决。本院受理原告诉被告合同纠纷一案，因你下落不明，依照《中华人民共和国民事诉讼法》第九十五条规定，向你公告送达起诉状副本、应诉通知书、举证通知书及开庭传票。自公告之日起经过三十日即视为送达。提出答辩状和举证的期限为公告送达期满后十五日内。本案定于举证期满后第三日上午九时在本院第一法庭公开开庭审理，逾期将依法缺席判决。本院受理原告诉被告合同纠纷一案，因你下落不明，依照《中华人民共和国民事诉讼法》第九十五条规定，向你公告送达起诉状副本、应诉通知书、举证通知书及开庭传票。自公告之日起经过三十日即视为送达。提出答辩状和举证的期限为公告送达期满后十五日内。本案定于举证期满后第三日上午九时在本院第一法庭公开开庭审理，逾期将依法缺席判决。

减资公告

本院受理原告诉被告合同纠纷一案，因你下落不明，依照《中华人民共和国民事诉讼法》第九十五条规定，向你公告送达起诉状副本、应诉通知书、举证通知书及开庭传票。自公告之日起经过三十日即视为送达。提出答辩状和举证的期限为公告送达期满后十五日内。本案定于举证期满后第三日上午九时在本院第一法庭公开开庭审理，逾期将依法缺席判决。本院受理原告诉被告合同纠纷一案，因你下落不明，依照《中华人民共和国民事诉讼法》第九十五条规定，向你公告送达起诉状副本、应诉通知书、举证通知书及开庭传票。自公告之日起经过三十日即视为送达。提出答辩状和举证的期限为公告送达期满后十五日内。本案定于举证期满后第三日上午九时在本院第一法庭公开开庭审理，逾期将依法缺席判决。本院受理原告诉被告合同纠纷一案，因你下落不明，依照《中华人民共和国民事诉讼法》第九十五条规定，向你公告送达起诉状副本、应诉通知书、举证通知书及开庭传票。自公告之日起经过三十日即视为送达。提出答辩状和举证的期限为公告送达期满后十五日内。本案定于举证期满后第三日上午九时在本院第一法庭公开开庭审理，逾期将依法缺席判决。

清算组公告

本院受理原告诉被告合同纠纷一案，因你下落不明，依照《中华人民共和国民事诉讼法》第九十五条规定，向你公告送达起诉状副本、应诉通知书、举证通知书及开庭传票。自公告之日起经过三十日即视为送达。提出答辩状和举证的期限为公告送达期满后十五日内。本案定于举证期满后第三日上午九时在本院第一法庭公开开庭审理，逾期将依法缺席判决。本院受理原告诉被告合同纠纷一案，因你下落不明，依照《中华人民共和国民事诉讼法》第九十五条规定，向你公告送达起诉状副本、应诉通知书、举证通知书及开庭传票。自公告之日起经过三十日即视为送达。提出答辩状和举证的期限为公告送达期满后十五日内。本案定于举证期满后第三日上午九时在本院第一法庭公开开庭审理，逾期将依法缺席判决。本院受理原告诉被告合同纠纷一案，因你下落不明，依照《中华人民共和国民事诉讼法》第九十五条规定，向你公告送达起诉状副本、应诉通知书、举证通知书及开庭传票。自公告之日起经过三十日即视为送达。提出答辩状和举证的期限为公告送达期满后十五日内。本案定于举证期满后第三日上午九时在本院第一法庭公开开庭审理，逾期将依法缺席判决。

遗失声明

本院受理原告诉被告合同纠纷一案，因你下落不明，依照《中华人民共和国民事诉讼法》第九十五条规定，向你公告送达起诉状副本、应诉通知书、举证通知书及开庭传票。自公告之日起经过三十日即视为送达。提出答辩状和举证的期限为公告送达期满后十五日内。本案定于举证期满后第三日上午九时在本院第一法庭公开开庭审理，逾期将依法缺席判决。本院受理原告诉被告合同纠纷一案，因你下落不明，依照《中华人民共和国民事诉讼法》第九十五条规定，向你公告送达起诉状副本、应诉通知书、举证通知书及开庭传票。自公告之日起经过三十日即视为送达。提出答辩状和举证的期限为公告送达期满后十五日内。本案定于举证期满后第三日上午九时在本院第一法庭公开开庭审理，逾期将依法缺席判决。本院受理原告诉被告合同纠纷一案，因你下落不明，依照《中华人民共和国民事诉讼法》第九十五条规定，向你公告送达起诉状副本、应诉通知书、举证通知书及开庭传票。自公告之日起经过三十日即视为送达。提出答辩状和举证的期限为公告送达期满后十五日内。本案定于举证期满后第三日上午九时在本院第一法庭公开开庭审理，逾期将依法缺席判决。

清算公告

本院受理原告诉被告合同纠纷一案，因你下落不明，依照《中华人民共和国民事诉讼法》第九十五条规定，向你公告送达起诉状副本、应诉通知书、举证通知书及开庭传票。自公告之日起经过三十日即视为送达。提出答辩状和举证的期限为公告送达期满后十五日内。本案定于举证期满后第三日上午九时在本院第一法庭公开开庭审理，逾期将依法缺席判决。本院受理原告诉被告合同纠纷一案，因你下落不明，依照《中华人民共和国民事诉讼法》第九十五条规定，向你公告送达起诉状副本、应诉通知书、举证通知书及开庭传票。自公告之日起经过三十日即视为送达。提出答辩状和举证的期限为公告送达期满后十五日内。本案定于举证期满后第三日上午九时在本院第一法庭公开开庭审理，逾期将依法缺席判决。本院受理原告诉被告合同纠纷一案，因你下落不明，依照《中华人民共和国民事诉讼法》第九十五条规定，向你公告送达起诉状副本、应诉通知书、举证通知书及开庭传票。自公告之日起经过三十日即视为送达。提出答辩状和举证的期限为公告送达期满后十五日内。本案定于举证期满后第三日上午九时在本院第一法庭公开开庭审理，逾期将依法缺席判决。

注销公告
